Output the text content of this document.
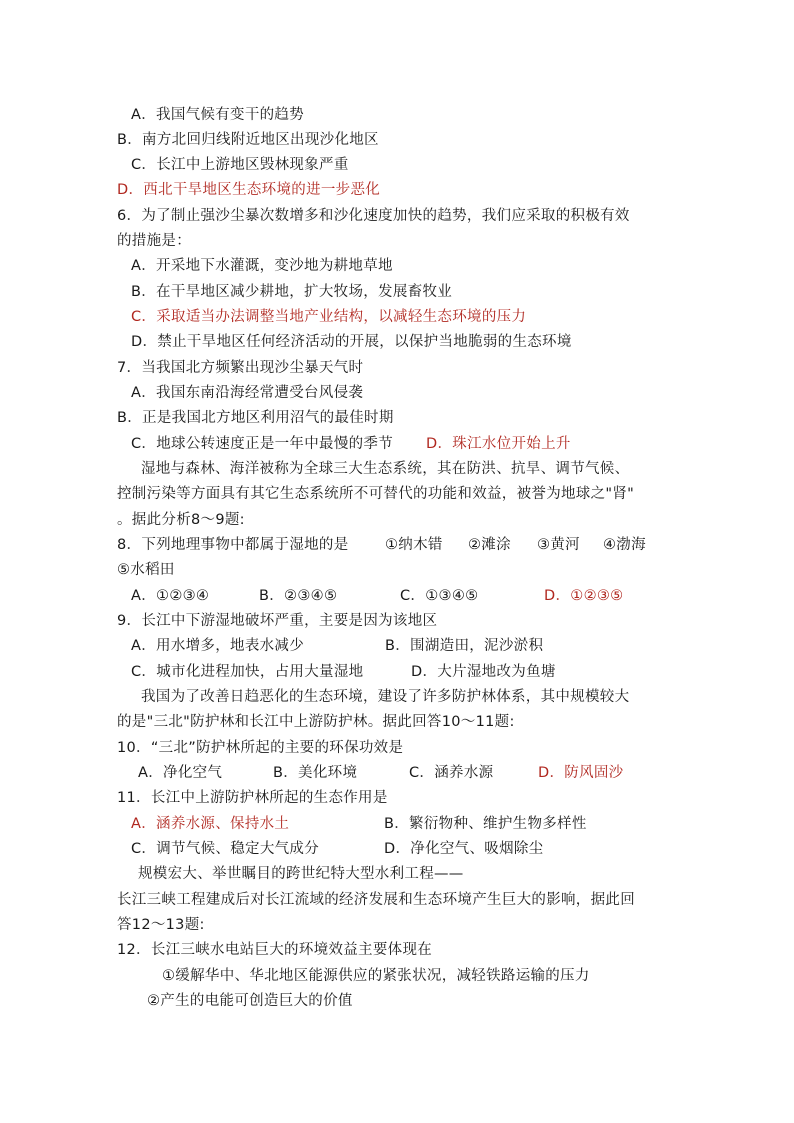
A．我国气候有变干的趋势
B．南方北回归线附近地区出现沙化地区
C．长江中上游地区毁林现象严重
D．西北干旱地区生态环境的进一步恶化
6．为了制止强沙尘暴次数增多和沙化速度加快的趋势，我们应采取的积极有效
的措施是：
A．开采地下水灌溉，变沙地为耕地草地
B．在干旱地区减少耕地，扩大牧场，发展畜牧业
C．采取适当办法调整当地产业结构，以减轻生态环境的压力
D．禁止干旱地区任何经济活动的开展，以保护当地脆弱的生态环境
7．当我国北方频繁出现沙尘暴天气时
A．我国东南沿海经常遭受台风侵袭
B．正是我国北方地区利用沼气的最佳时期
C．地球公转速度正是一年中最慢的季节 D．珠江水位开始上升
湿地与森林、海洋被称为全球三大生态系统，其在防洪、抗旱、调节气候、
控制污染等方面具有其它生态系统所不可替代的功能和效益，被誉为地球之"肾"
。据此分析8～9题:
8．下列地理事物中都属于湿地的是	①纳木错 ②滩涂 ③黄河 ④渤海
⑤水稻田
A．①②③④	B．②③④⑤	C．①③④⑤	D．①②③⑤
9．长江中下游湿地破坏严重，主要是因为该地区
A．用水增多，地表水减少	B．围湖造田，泥沙淤积
C．城市化进程加快，占用大量湿地	D．大片湿地改为鱼塘
我国为了改善日趋恶化的生态环境，建设了许多防护林体系，其中规模较大
的是"三北"防护林和长江中上游防护林。据此回答10～11题:
10．“三北”防护林所起的主要的环保功效是
A．净化空气	B．美化环境	C．涵养水源	D．防风固沙
11．长江中上游防护林所起的生态作用是
A．涵养水源、保持水土	B．繁衍物种、维护生物多样性
C．调节气候、稳定大气成分	D．净化空气、吸烟除尘
规模宏大、举世瞩目的跨世纪特大型水利工程——
长江三峡工程建成后对长江流域的经济发展和生态环境产生巨大的影响，据此回
答12～13题:
12．长江三峡水电站巨大的环境效益主要体现在
①缓解华中、华北地区能源供应的紧张状况，减轻铁路运输的压力
②产生的电能可创造巨大的价值
